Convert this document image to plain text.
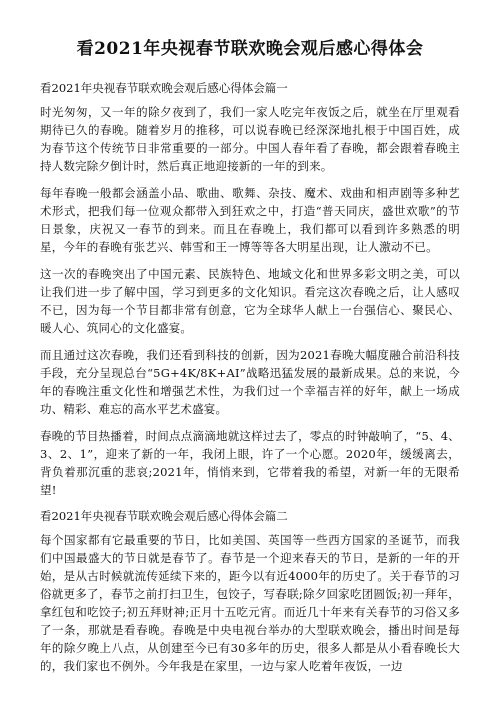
看2021年央视春节联欢晚会观后感心得体会
看2021年央视春节联欢晚会观后感心得体会篇一

时光匆匆，又一年的除夕夜到了，我们一家人吃完年夜饭之后，就坐在厅里观看期待已久的春晚。随着岁月的推移，可以说春晚已经深深地扎根于中国百姓，成为春节这个传统节日非常重要的一部分。中国人春年看了春晚，都会跟着春晚主持人数完除夕倒计时，然后真正地迎接新的一年的到来。

每年春晚一般都会涵盖小品、歌曲、歌舞、杂技、魔术、戏曲和相声剧等多种艺术形式，把我们每一位观众都带入到狂欢之中，打造“普天同庆，盛世欢歌”的节日景象，庆祝又一春节的到来。而且在春晚上，我们都可以看到许多熟悉的明星，今年的春晚有张艺兴、韩雪和王一博等等各大明星出现，让人激动不已。

这一次的春晚突出了中国元素、民族特色、地域文化和世界多彩文明之美，可以让我们进一步了解中国，学习到更多的文化知识。看完这次春晚之后，让人感叹不已，因为每一个节目都非常有创意，它为全球华人献上一台强信心、聚民心、暖人心、筑同心的文化盛宴。

而且通过这次春晚，我们还看到科技的创新，因为2021春晚大幅度融合前沿科技手段，充分呈现总台“5G+4K/8K+AI”战略迅猛发展的最新成果。总的来说，今年的春晚注重文化性和增强艺术性，为我们过一个幸福吉祥的好年，献上一场成功、精彩、难忘的高水平艺术盛宴。

春晚的节目热播着，时间点点滴滴地就这样过去了，零点的时钟敲响了，“5、4、3、2、1”，迎来了新的一年，我闭上眼，许了一个心愿。2020年，缓缓离去，背负着那沉重的悲哀;2021年，悄悄来到，它带着我的希望，对新一年的无限希望!

看2021年央视春节联欢晚会观后感心得体会篇二

每个国家都有它最重要的节日，比如美国、英国等一些西方国家的圣诞节，而我们中国最盛大的节日就是春节了。春节是一个迎来春天的节日，是新的一年的开始，是从古时候就流传延续下来的，距今以有近4000年的历史了。关于春节的习俗就更多了，春节之前打扫卫生，包饺子，写春联;除夕回家吃团圆饭;初一拜年，拿红包和吃饺子;初五拜财神;正月十五吃元宵。而近几十年来有关春节的习俗又多了一条，那就是看春晚。春晚是中央电视台举办的大型联欢晚会，播出时间是每年的除夕晚上八点，从创建至今已有30多年的历史，很多人都是从小看春晚长大的，我们家也不例外。今年我是在家里，一边与家人吃着年夜饭，一边
